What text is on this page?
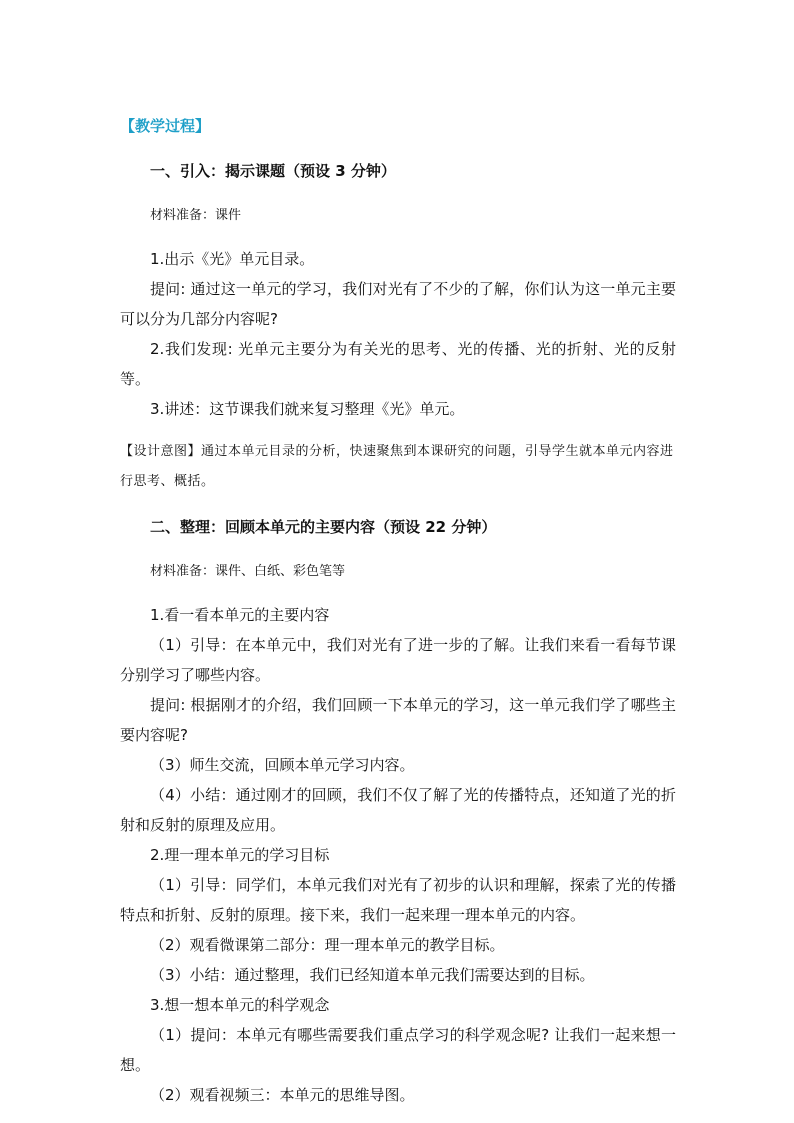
【教学过程】

一、引入：揭示课题（预设 3 分钟）

材料准备：课件

1.出示《光》单元目录。

提问: 通过这一单元的学习，我们对光有了不少的了解，你们认为这一单元主要可以分为几部分内容呢?

2.我们发现: 光单元主要分为有关光的思考、光的传播、光的折射、光的反射等。

3.讲述：这节课我们就来复习整理《光》单元。

【设计意图】通过本单元目录的分析，快速聚焦到本课研究的问题，引导学生就本单元内容进行思考、概括。

二、整理：回顾本单元的主要内容（预设 22 分钟）

材料准备：课件、白纸、彩色笔等

1.看一看本单元的主要内容

（1）引导：在本单元中，我们对光有了进一步的了解。让我们来看一看每节课分别学习了哪些内容。

提问: 根据刚才的介绍，我们回顾一下本单元的学习，这一单元我们学了哪些主要内容呢?

（3）师生交流，回顾本单元学习内容。

（4）小结：通过刚才的回顾，我们不仅了解了光的传播特点，还知道了光的折射和反射的原理及应用。

2.理一理本单元的学习目标

（1）引导：同学们，本单元我们对光有了初步的认识和理解，探索了光的传播特点和折射、反射的原理。接下来，我们一起来理一理本单元的内容。

（2）观看微课第二部分：理一理本单元的教学目标。

（3）小结：通过整理，我们已经知道本单元我们需要达到的目标。

3.想一想本单元的科学观念

（1）提问：本单元有哪些需要我们重点学习的科学观念呢? 让我们一起来想一想。

（2）观看视频三：本单元的思维导图。
